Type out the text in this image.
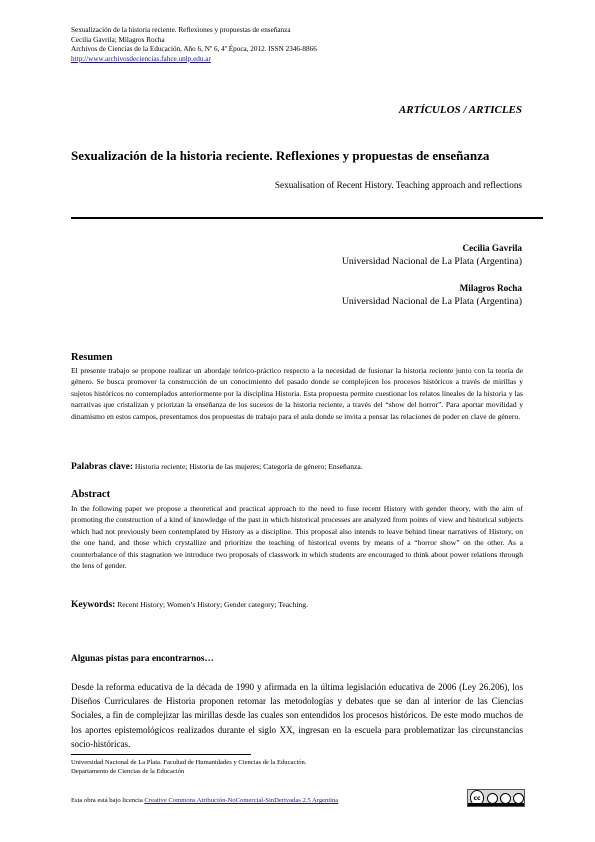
Sexualización de la historia reciente. Reflexiones y propuestas de enseñanza
Cecilia Gavrila; Milagros Rocha
Archivos de Ciencias de la Educación, Año 6, Nº 6, 4º Época, 2012. ISSN 2346-8866
http://www.archivosdeciencias.fahce.unlp.edu.ar
ARTÍCULOS / ARTICLES
Sexualización de la historia reciente. Reflexiones y propuestas de enseñanza
Sexualisation of Recent History. Teaching approach and reflections
Cecilia Gavrila
Universidad Nacional de La Plata (Argentina)
Milagros Rocha
Universidad Nacional de La Plata (Argentina)
Resumen
El presente trabajo se propone realizar un abordaje teórico-práctico respecto a la necesidad de fusionar la historia reciente junto con la teoría de género. Se busca promover la construcción de un conocimiento del pasado donde se complejicen los procesos históricos a través de mirillas y sujetos históricos no contemplados anteriormente por la disciplina Historia. Esta propuesta permite cuestionar los relatos lineales de la historia y las narrativas que cristalizan y priorizan la enseñanza de los sucesos de la historia reciente, a través del “show del horror”. Para aportar movilidad y dinamismo en estos campos, presentamos dos propuestas de trabajo para el aula donde se invita a pensar las relaciones de poder en clave de género.
Palabras clave: Historia reciente; Historia de las mujeres; Categoría de género; Enseñanza.
Abstract
In the following paper we propose a theoretical and practical approach to the need to fuse recent History with gender theory, with the aim of promoting the construction of a kind of knowledge of the past in which historical processes are analyzed from points of view and historical subjects which had not previously been contemplated by History as a discipline. This proposal also intends to leave behind linear narratives of History, on the one hand, and those which crystallize and prioritize the teaching of historical events by means of a “horror show” on the other. As a counterbalance of this stagnation we introduce two proposals of classwork in which students are encouraged to think about power relations through the lens of gender.
Keywords: Recent History; Women’s History; Gender category; Teaching.
Algunas pistas para encontrarnos…
Desde la reforma educativa de la década de 1990 y afirmada en la última legislación educativa de 2006 (Ley 26.206), los Diseños Curriculares de Historia proponen retomar las metodologías y debates que se dan al interior de las Ciencias Sociales, a fin de complejizar las mirillas desde las cuales son entendidos los procesos históricos. De este modo muchos de los aportes epistemológicos realizados durante el siglo XX, ingresan en la escuela para problematizar las circunstancias socio-históricas.
Universidad Nacional de La Plata. Facultad de Humanidades y Ciencias de la Educación.
Departamento de Ciencias de la Educación
Esta obra está bajo licencia Creative Commons Atribución-NoComercial-SinDerivadas 2.5 Argentina	cc
